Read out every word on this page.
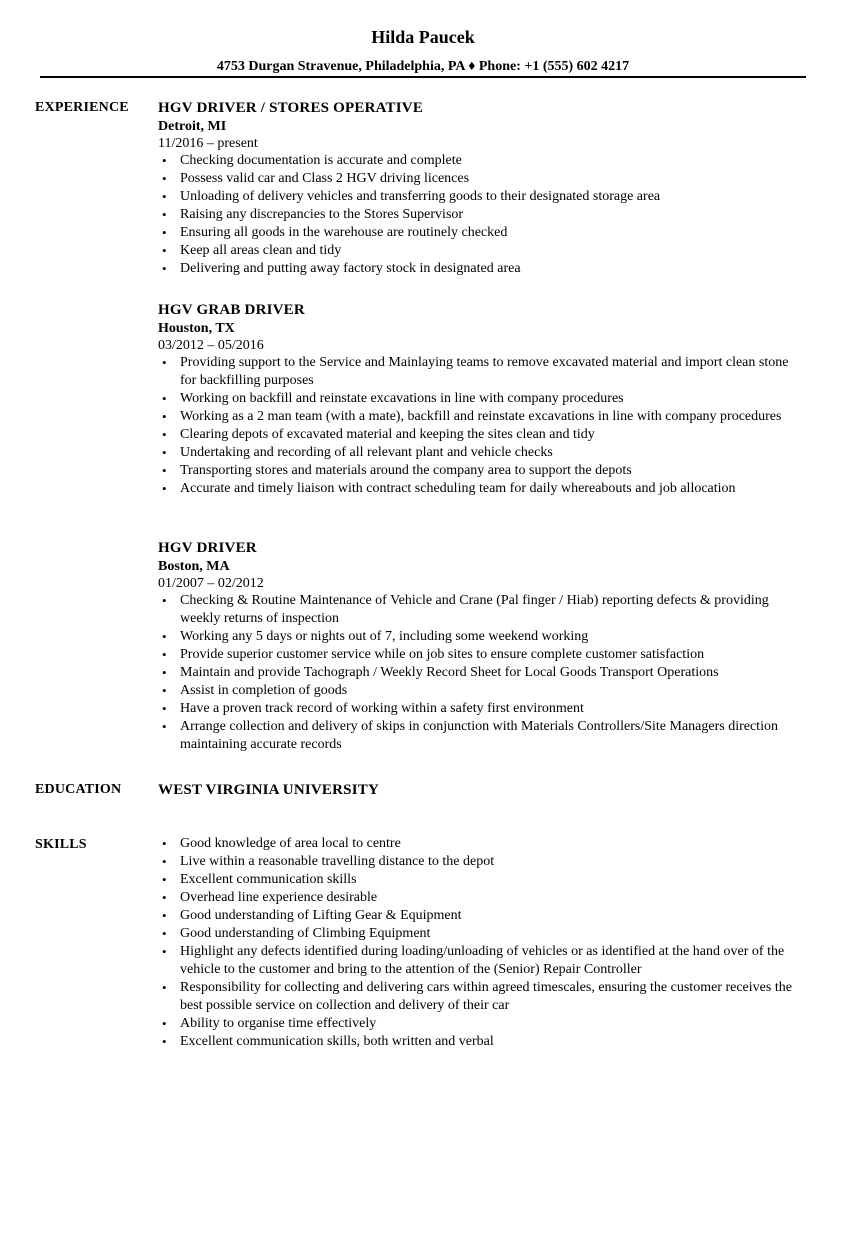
Hilda Paucek
4753 Durgan Stravenue, Philadelphia, PA ♦ Phone: +1 (555) 602 4217
EXPERIENCE HGV DRIVER / STORES OPERATIVE
Detroit, MI
11/2016 – present
• Checking documentation is accurate and complete
• Possess valid car and Class 2 HGV driving licences
• Unloading of delivery vehicles and transferring goods to their designated storage area
• Raising any discrepancies to the Stores Supervisor
• Ensuring all goods in the warehouse are routinely checked
• Keep all areas clean and tidy
• Delivering and putting away factory stock in designated area
HGV GRAB DRIVER
Houston, TX
03/2012 – 05/2016
• Providing support to the Service and Mainlaying teams to remove excavated material and import clean stone for backfilling purposes
• Working on backfill and reinstate excavations in line with company procedures
• Working as a 2 man team (with a mate), backfill and reinstate excavations in line with company procedures
• Clearing depots of excavated material and keeping the sites clean and tidy
• Undertaking and recording of all relevant plant and vehicle checks
• Transporting stores and materials around the company area to support the depots
• Accurate and timely liaison with contract scheduling team for daily whereabouts and job allocation
HGV DRIVER
Boston, MA
01/2007 – 02/2012
• Checking & Routine Maintenance of Vehicle and Crane (Pal finger / Hiab) reporting defects & providing weekly returns of inspection
• Working any 5 days or nights out of 7, including some weekend working
• Provide superior customer service while on job sites to ensure complete customer satisfaction
• Maintain and provide Tachograph / Weekly Record Sheet for Local Goods Transport Operations
• Assist in completion of goods
• Have a proven track record of working within a safety first environment
• Arrange collection and delivery of skips in conjunction with Materials Controllers/Site Managers direction maintaining accurate records
EDUCATION WEST VIRGINIA UNIVERSITY
SKILLS	• Good knowledge of area local to centre
• Live within a reasonable travelling distance to the depot
• Excellent communication skills
• Overhead line experience desirable
• Good understanding of Lifting Gear & Equipment
• Good understanding of Climbing Equipment
• Highlight any defects identified during loading/unloading of vehicles or as identified at the hand over of the vehicle to the customer and bring to the attention of the (Senior) Repair Controller
• Responsibility for collecting and delivering cars within agreed timescales, ensuring the customer receives the best possible service on collection and delivery of their car
• Ability to organise time effectively
• Excellent communication skills, both written and verbal
